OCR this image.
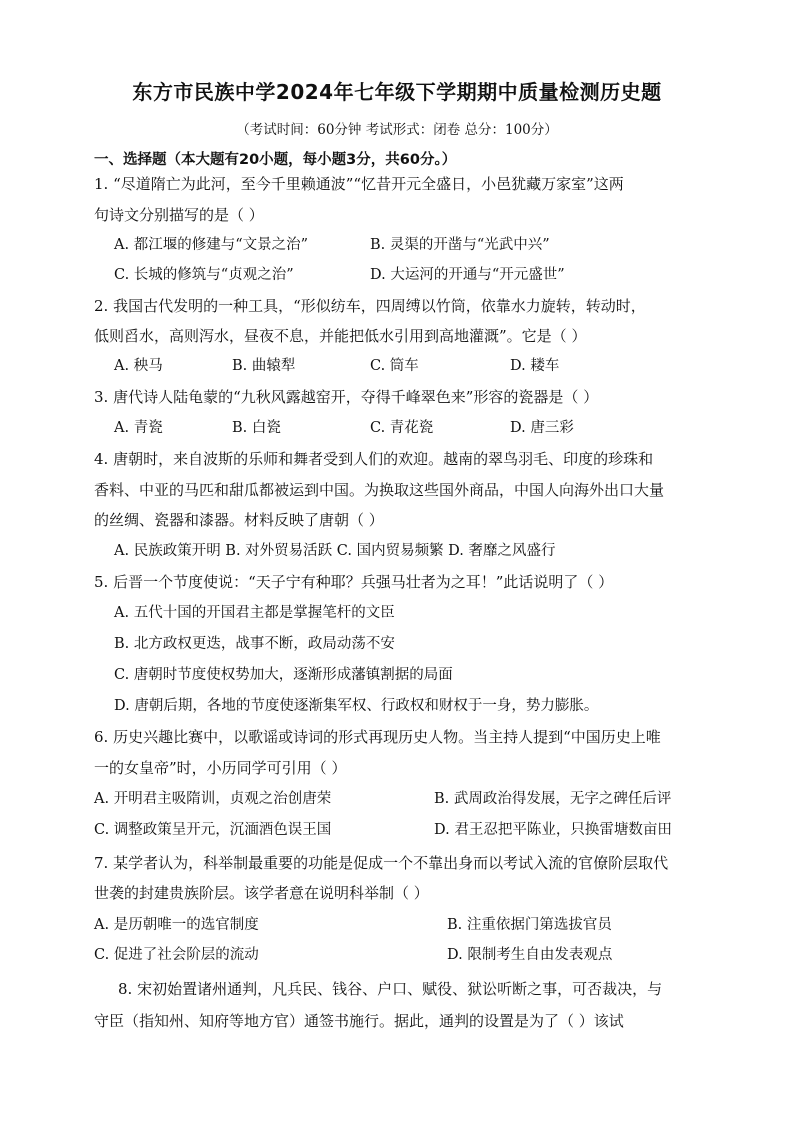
东方市民族中学2024年七年级下学期期中质量检测历史题
（考试时间：60分钟 考试形式：闭卷 总分：100分）
一、选择题（本大题有20小题，每小题3分，共60分。）
1. “尽道隋亡为此河，至今千里赖通波”“忆昔开元全盛日，小邑犹藏万家室”这两
句诗文分别描写的是（ ）
A. 都江堰的修建与“文景之治”	B. 灵渠的开凿与“光武中兴”
C. 长城的修筑与“贞观之治”	D. 大运河的开通与“开元盛世”
2. 我国古代发明的一种工具，“形似纺车，四周缚以竹筒，依靠水力旋转，转动时，
低则舀水，高则泻水，昼夜不息，并能把低水引用到高地灌溉”。它是（ ）
A. 秧马	B. 曲辕犁	C. 筒车	D. 耧车
3. 唐代诗人陆龟蒙的“九秋风露越窑开，夺得千峰翠色来”形容的瓷器是（ ）
A. 青瓷	B. 白瓷	C. 青花瓷	D. 唐三彩
4. 唐朝时，来自波斯的乐师和舞者受到人们的欢迎。越南的翠鸟羽毛、印度的珍珠和
香料、中亚的马匹和甜瓜都被运到中国。为换取这些国外商品，中国人向海外出口大量
的丝绸、瓷器和漆器。材料反映了唐朝（ ）
A. 民族政策开明 B. 对外贸易活跃 C. 国内贸易频繁 D. 奢靡之风盛行
5. 后晋一个节度使说：“天子宁有种耶？兵强马壮者为之耳！”此话说明了（ ）
A. 五代十国的开国君主都是掌握笔杆的文臣
B. 北方政权更迭，战事不断，政局动荡不安
C. 唐朝时节度使权势加大，逐渐形成藩镇割据的局面
D. 唐朝后期，各地的节度使逐渐集军权、行政权和财权于一身，势力膨胀。
6. 历史兴趣比赛中，以歌谣或诗词的形式再现历史人物。当主持人提到“中国历史上唯
一的女皇帝”时，小历同学可引用（ ）
A. 开明君主吸隋训，贞观之治创唐荣	B. 武周政治得发展，无字之碑任后评
C. 调整政策呈开元，沉湎酒色误王国	D. 君王忍把平陈业，只换雷塘数亩田
7. 某学者认为，科举制最重要的功能是促成一个不靠出身而以考试入流的官僚阶层取代
世袭的封建贵族阶层。该学者意在说明科举制（ ）
A. 是历朝唯一的选官制度	B. 注重依据门第选拔官员
C. 促进了社会阶层的流动	D. 限制考生自由发表观点
8. 宋初始置诸州通判，凡兵民、钱谷、户口、赋役、狱讼听断之事，可否裁决，与
守臣（指知州、知府等地方官）通签书施行。据此，通判的设置是为了（ ）该试
